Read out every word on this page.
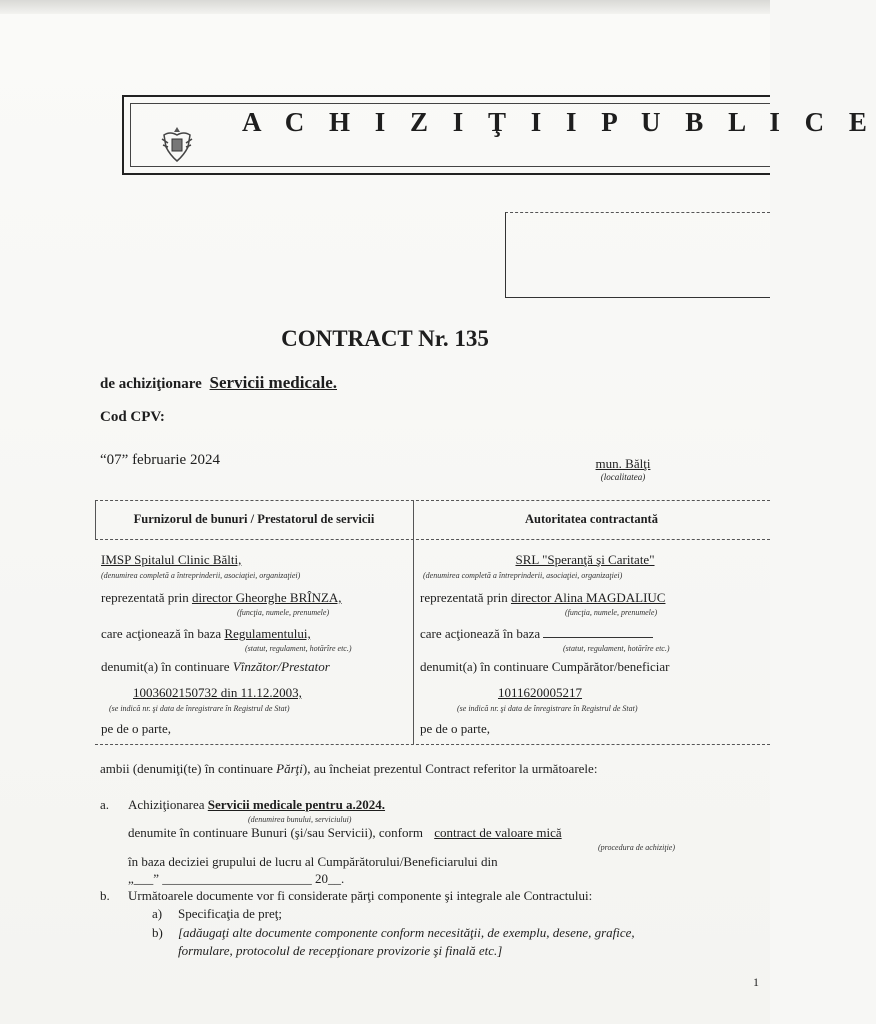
A C H I Z I Ţ I I P U B L I C E
CONTRACT Nr. 135
de achiziţionare Servicii medicale.
Cod CPV:
“07” februarie 2024	mun. Bălţi
(localitatea)
Furnizorul de bunuri / Prestatorul de servicii	Autoritatea contractantă
IMSP Spitalul Clinic Bălti,
(denumirea completă a întreprinderii, asociaţiei, organizaţiei)
reprezentată prin director Gheorghe BRÎNZA,
(funcţia, numele, prenumele)
care acţionează în baza Regulamentului,
(statut, regulament, hotărîre etc.)
denumit(a) în continuare Vînzător/Prestator
1003602150732 din 11.12.2003,
(se indică nr. şi data de înregistrare în Registrul de Stat)
pe de o parte,
SRL "Speranţă şi Caritate"
(denumirea completă a întreprinderii, asociaţiei, organizaţiei)
reprezentată prin director Alina MAGDALIUC
(funcţia, numele, prenumele)
care acţionează în baza
(statut, regulament, hotărîre etc.)
denumit(a) în continuare Cumpărător/beneficiar
1011620005217
(se indică nr. şi data de înregistrare în Registrul de Stat)
pe de o parte,
ambii (denumiţi(te) în continuare Părţi), au încheiat prezentul Contract referitor la următoarele:
a. Achiziţionarea Servicii medicale pentru a.2024.
(denumirea bunului, serviciului)
denumite în continuare Bunuri (şi/sau Servicii), conform contract de valoare mică
(procedura de achiziţie)
în baza deciziei grupului de lucru al Cumpărătorului/Beneficiarului din
„___” _______________________ 20__.
b. Următoarele documente vor fi considerate părţi componente şi integrale ale Contractului:
a) Specificaţia de preţ;
b) [adăugaţi alte documente componente conform necesităţii, de exemplu, desene, grafice,
formulare, protocolul de recepţionare provizorie şi finală etc.]
1
